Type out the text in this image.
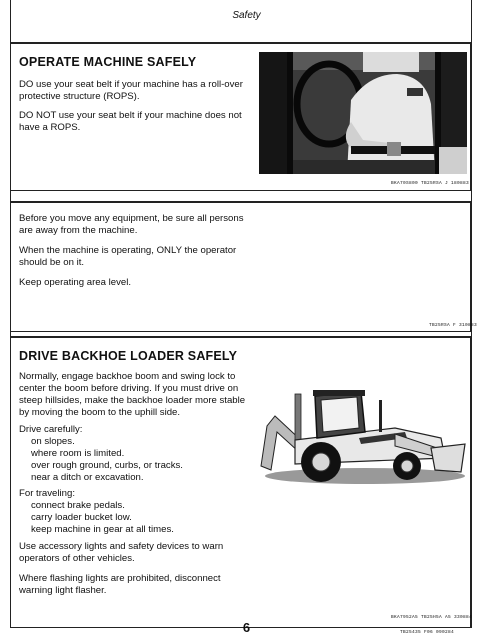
Safety
OPERATE MACHINE SAFELY
DO use your seat belt if your machine has a roll-over protective structure (ROPS).
DO NOT use your seat belt if your machine does not have a ROPS.
BKA70S800 TB25RSA J 180883
Before you move any equipment, be sure all persons are away from the machine.
When the machine is operating, ONLY the operator should be on it.
Keep operating area level.
TB25RSA F 310883
DRIVE BACKHOE LOADER SAFELY
Normally, engage backhoe boom and swing lock to center the boom before driving. If you must drive on steep hillsides, make the backhoe loader more stable by moving the boom to the uphill side.
Drive carefully:
on slopes.
where room is limited.
over rough ground, curbs, or tracks.
near a ditch or excavation.
For traveling:
connect brake pedals.
carry loader bucket low.
keep machine in gear at all times.
Use accessory lights and safety devices to warn operators of other vehicles.
Where flashing lights are prohibited, disconnect warning light flasher.
BKA7952A5 TB25H5A A5 330884
TB25435 F06 090284
6
